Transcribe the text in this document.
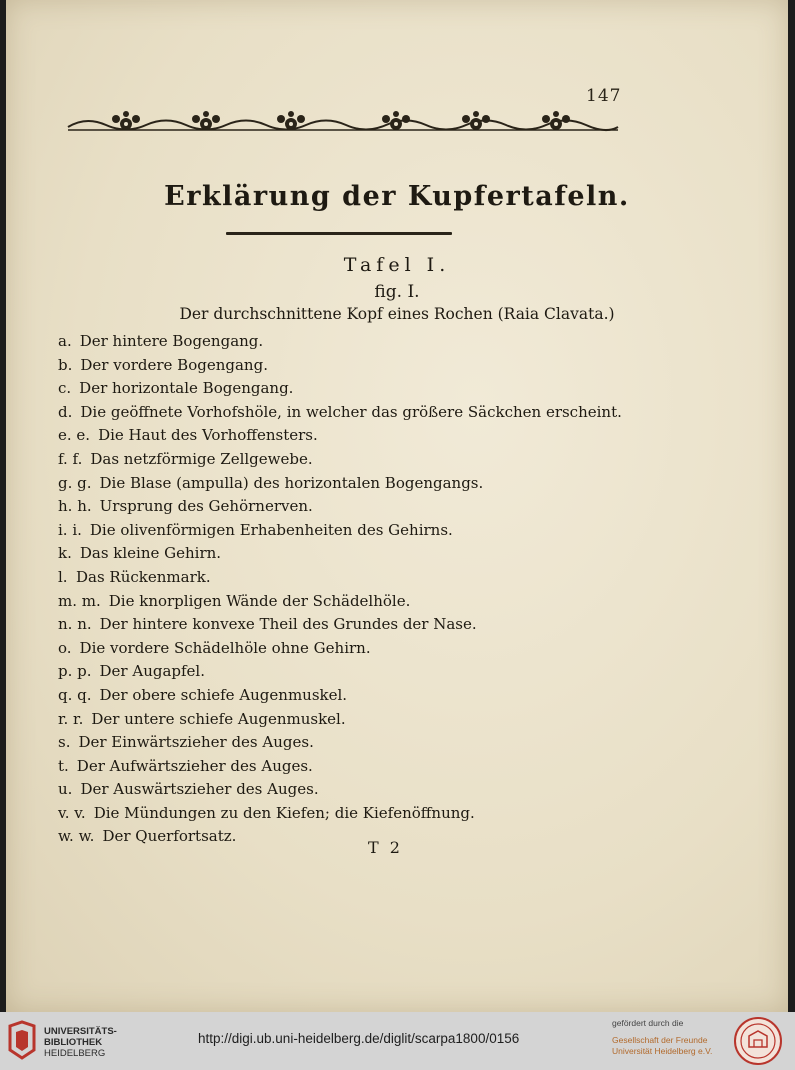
147
Erklärung der Kupfertafeln.
Tafel I.
fig. I.
Der durchschnittene Kopf eines Rochen (Raia Clavata.)
a. Der hintere Bogengang.
b. Der vordere Bogengang.
c. Der horizontale Bogengang.
d. Die geöffnete Vorhofshöle, in welcher das größere Säckchen erscheint.
e. e. Die Haut des Vorhoffensters.
f. f. Das netzförmige Zellgewebe.
g. g. Die Blase (ampulla) des horizontalen Bogengangs.
h. h. Ursprung des Gehörnerven.
i. i. Die olivenförmigen Erhabenheiten des Gehirns.
k. Das kleine Gehirn.
l. Das Rückenmark.
m. m. Die knorpligen Wände der Schädelhöle.
n. n. Der hintere konvexe Theil des Grundes der Nase.
o. Die vordere Schädelhöle ohne Gehirn.
p. p. Der Augapfel.
q. q. Der obere schiefe Augenmuskel.
r. r. Der untere schiefe Augenmuskel.
s. Der Einwärtszieher des Auges.
t. Der Aufwärtszieher des Auges.
u. Der Auswärtszieher des Auges.
v. v. Die Mündungen zu den Kiefen; die Kiefenöffnung.
w. w. Der Querfortsatz.
T 2
UNIVERSITÄTS-
BIBLIOTHEK
HEIDELBERG
http://digi.ub.uni-heidelberg.de/diglit/scarpa1800/0156
gefördert durch die
Gesellschaft der Freunde
Universität Heidelberg e.V.
